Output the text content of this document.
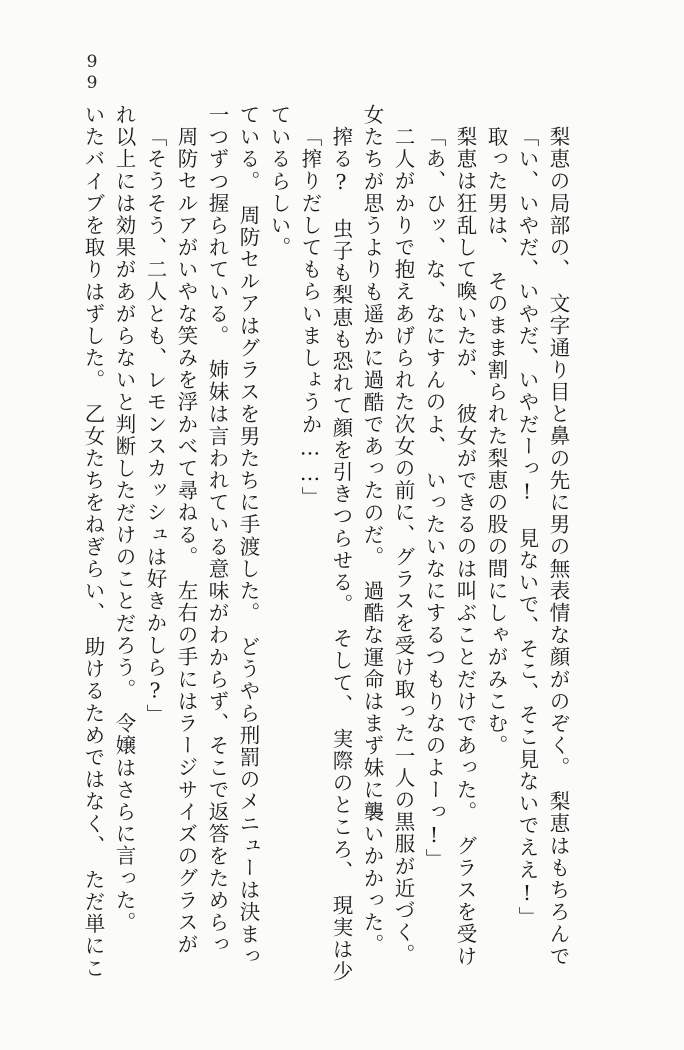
99
いたバイブを取りはずした。　乙女たちをねぎらい、　助けるためではなく、　ただ単にこ れ以上には効果があがらないと判断しただけのことだろう。　令嬢はさらに言った。 「そうそう、二人とも、レモンスカッシュは好きかしら?」 周防セルアがいやな笑みを浮かべて尋ねる。　左右の手にはラージサイズのグラスが 一つずつ握られている。　姉妹は言われている意味がわからず、そこで返答をためらっ ている。　周防セルアはグラスを男たちに手渡した。　どうやら刑罰のメニューは決まっ ているらしい。 「搾りだしてもらいましょうか……」 搾る?　虫子も梨恵も恐れて顔を引きつらせる。　そして、　実際のところ、　現実は少 女たちが思うよりも遥かに過酷であったのだ。　過酷な運命はまず妹に襲いかかった。 二人がかりで抱えあげられた次女の前に、グラスを受け取った一人の黒服が近づく。 「あ、ひッ、な、なにすんのよ、　いったいなにするつもりなのよーっ!」 梨恵は狂乱して喚いたが、　彼女ができるのは叫ぶことだけであった。　グラスを受け 取った男は、　そのまま割られた梨恵の股の間にしゃがみこむ。 「い、いやだ、いやだ、いやだーっ!　見ないで、そこ、そこ見ないでええ!」 梨恵の局部の、　文字通り目と鼻の先に男の無表情な顔がのぞく。　梨恵はもちろんで
